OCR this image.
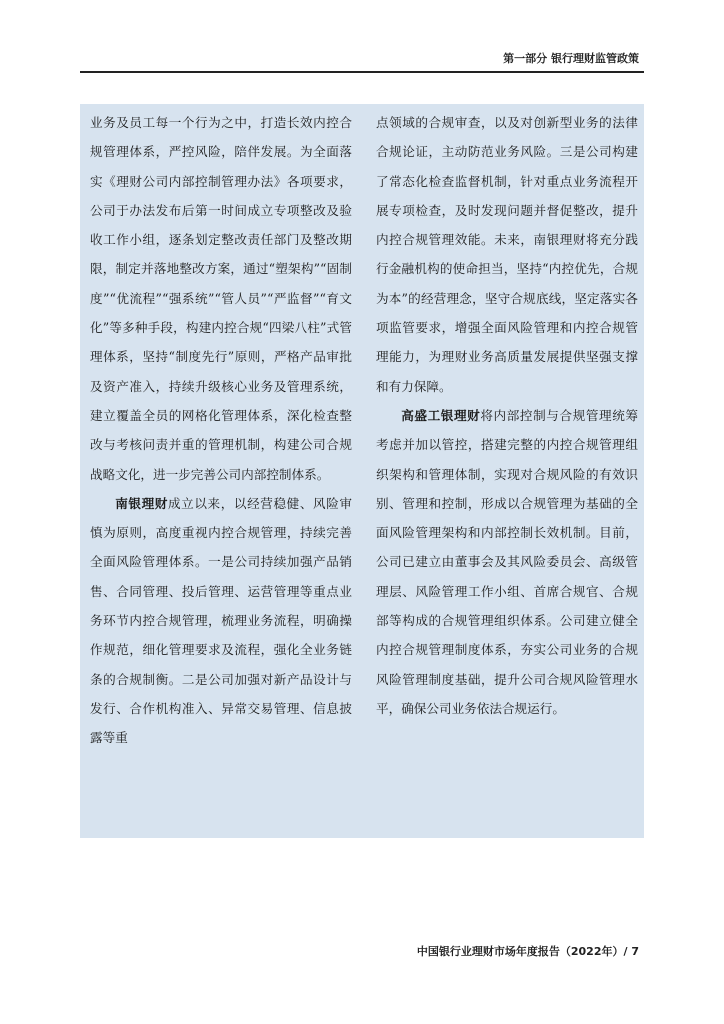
第一部分 银行理财监管政策

业务及员工每一个行为之中，打造长效内控合规管理体系，严控风险，陪伴发展。为全面落实《理财公司内部控制管理办法》各项要求，公司于办法发布后第一时间成立专项整改及验收工作小组，逐条划定整改责任部门及整改期限，制定并落地整改方案，通过“塑架构”“固制度”“优流程”“强系统”“管人员”“严监督”“育文化”等多种手段，构建内控合规“四梁八柱”式管理体系，坚持“制度先行”原则，严格产品审批及资产准入，持续升级核心业务及管理系统，建立覆盖全员的网格化管理体系，深化检查整改与考核问责并重的管理机制，构建公司合规战略文化，进一步完善公司内部控制体系。

南银理财成立以来，以经营稳健、风险审慎为原则，高度重视内控合规管理，持续完善全面风险管理体系。一是公司持续加强产品销售、合同管理、投后管理、运营管理等重点业务环节内控合规管理，梳理业务流程，明确操作规范，细化管理要求及流程，强化全业务链条的合规制衡。二是公司加强对新产品设计与发行、合作机构准入、异常交易管理、信息披露等重

点领域的合规审查，以及对创新型业务的法律合规论证，主动防范业务风险。三是公司构建了常态化检查监督机制，针对重点业务流程开展专项检查，及时发现问题并督促整改，提升内控合规管理效能。未来，南银理财将充分践行金融机构的使命担当，坚持“内控优先，合规为本”的经营理念，坚守合规底线，坚定落实各项监管要求，增强全面风险管理和内控合规管理能力，为理财业务高质量发展提供坚强支撑和有力保障。

高盛工银理财将内部控制与合规管理统筹考虑并加以管控，搭建完整的内控合规管理组织架构和管理体制，实现对合规风险的有效识别、管理和控制，形成以合规管理为基础的全面风险管理架构和内部控制长效机制。目前，公司已建立由董事会及其风险委员会、高级管理层、风险管理工作小组、首席合规官、合规部等构成的合规管理组织体系。公司建立健全内控合规管理制度体系，夯实公司业务的合规风险管理制度基础，提升公司合规风险管理水平，确保公司业务依法合规运行。

中国银行业理财市场年度报告（2022年）/ 7
